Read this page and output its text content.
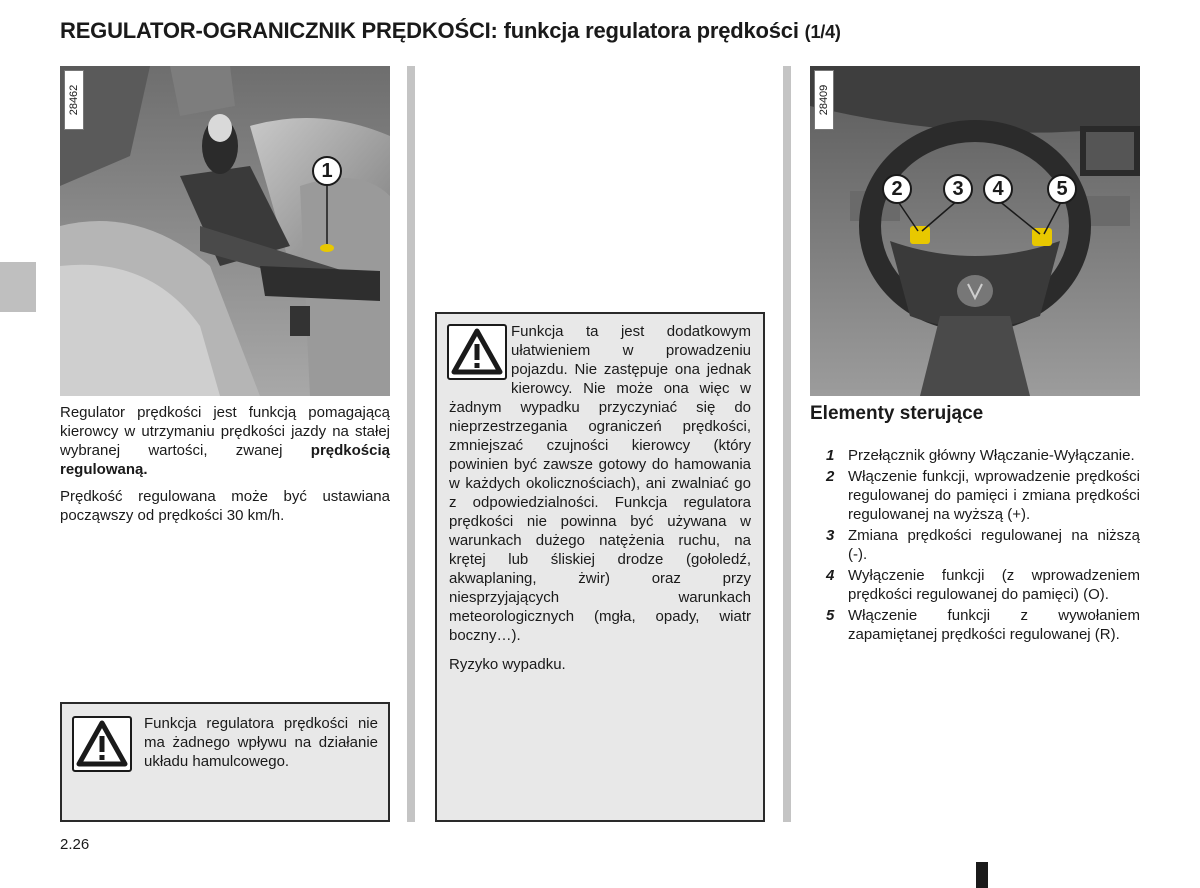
REGULATOR-OGRANICZNIK PRĘDKOŚCI: funkcja regulatora prędkości (1/4)
28462
1

Regulator prędkości jest funkcją pomagającą kierowcy w utrzymaniu prędkości jazdy na stałej wybranej wartości, zwanej prędkością regulowaną.

Prędkość regulowana może być ustawiana począwszy od prędkości 30 km/h.

Funkcja regulatora prędkości nie ma żadnego wpływu na działanie układu hamulcowego.

Funkcja ta jest dodatkowym ułatwieniem w prowadzeniu pojazdu. Nie zastępuje ona jednak kierowcy. Nie może ona więc w żadnym wypadku przyczyniać się do nieprzestrzegania ograniczeń prędkości, zmniejszać czujności kierowcy (który powinien być zawsze gotowy do hamowania w każdych okolicznościach), ani zwalniać go z odpowiedzialności. Funkcja regulatora prędkości nie powinna być używana w warunkach dużego natężenia ruchu, na krętej lub śliskiej drodze (gołoledź, akwaplaning, żwir) oraz przy niesprzyjających warunkach meteorologicznych (mgła, opady, wiatr boczny…).

Ryzyko wypadku.

28409
2	3	4	5
Elementy sterujące
1 Przełącznik główny Włączanie-Wyłączanie.
2 Włączenie funkcji, wprowadzenie prędkości regulowanej do pamięci i zmiana prędkości regulowanej na wyższą (+).
3 Zmiana prędkości regulowanej na niższą (-).
4 Wyłączenie funkcji (z wprowadzeniem prędkości regulowanej do pamięci) (O).
5 Włączenie funkcji z wywołaniem zapamiętanej prędkości regulowanej (R).
2.26
